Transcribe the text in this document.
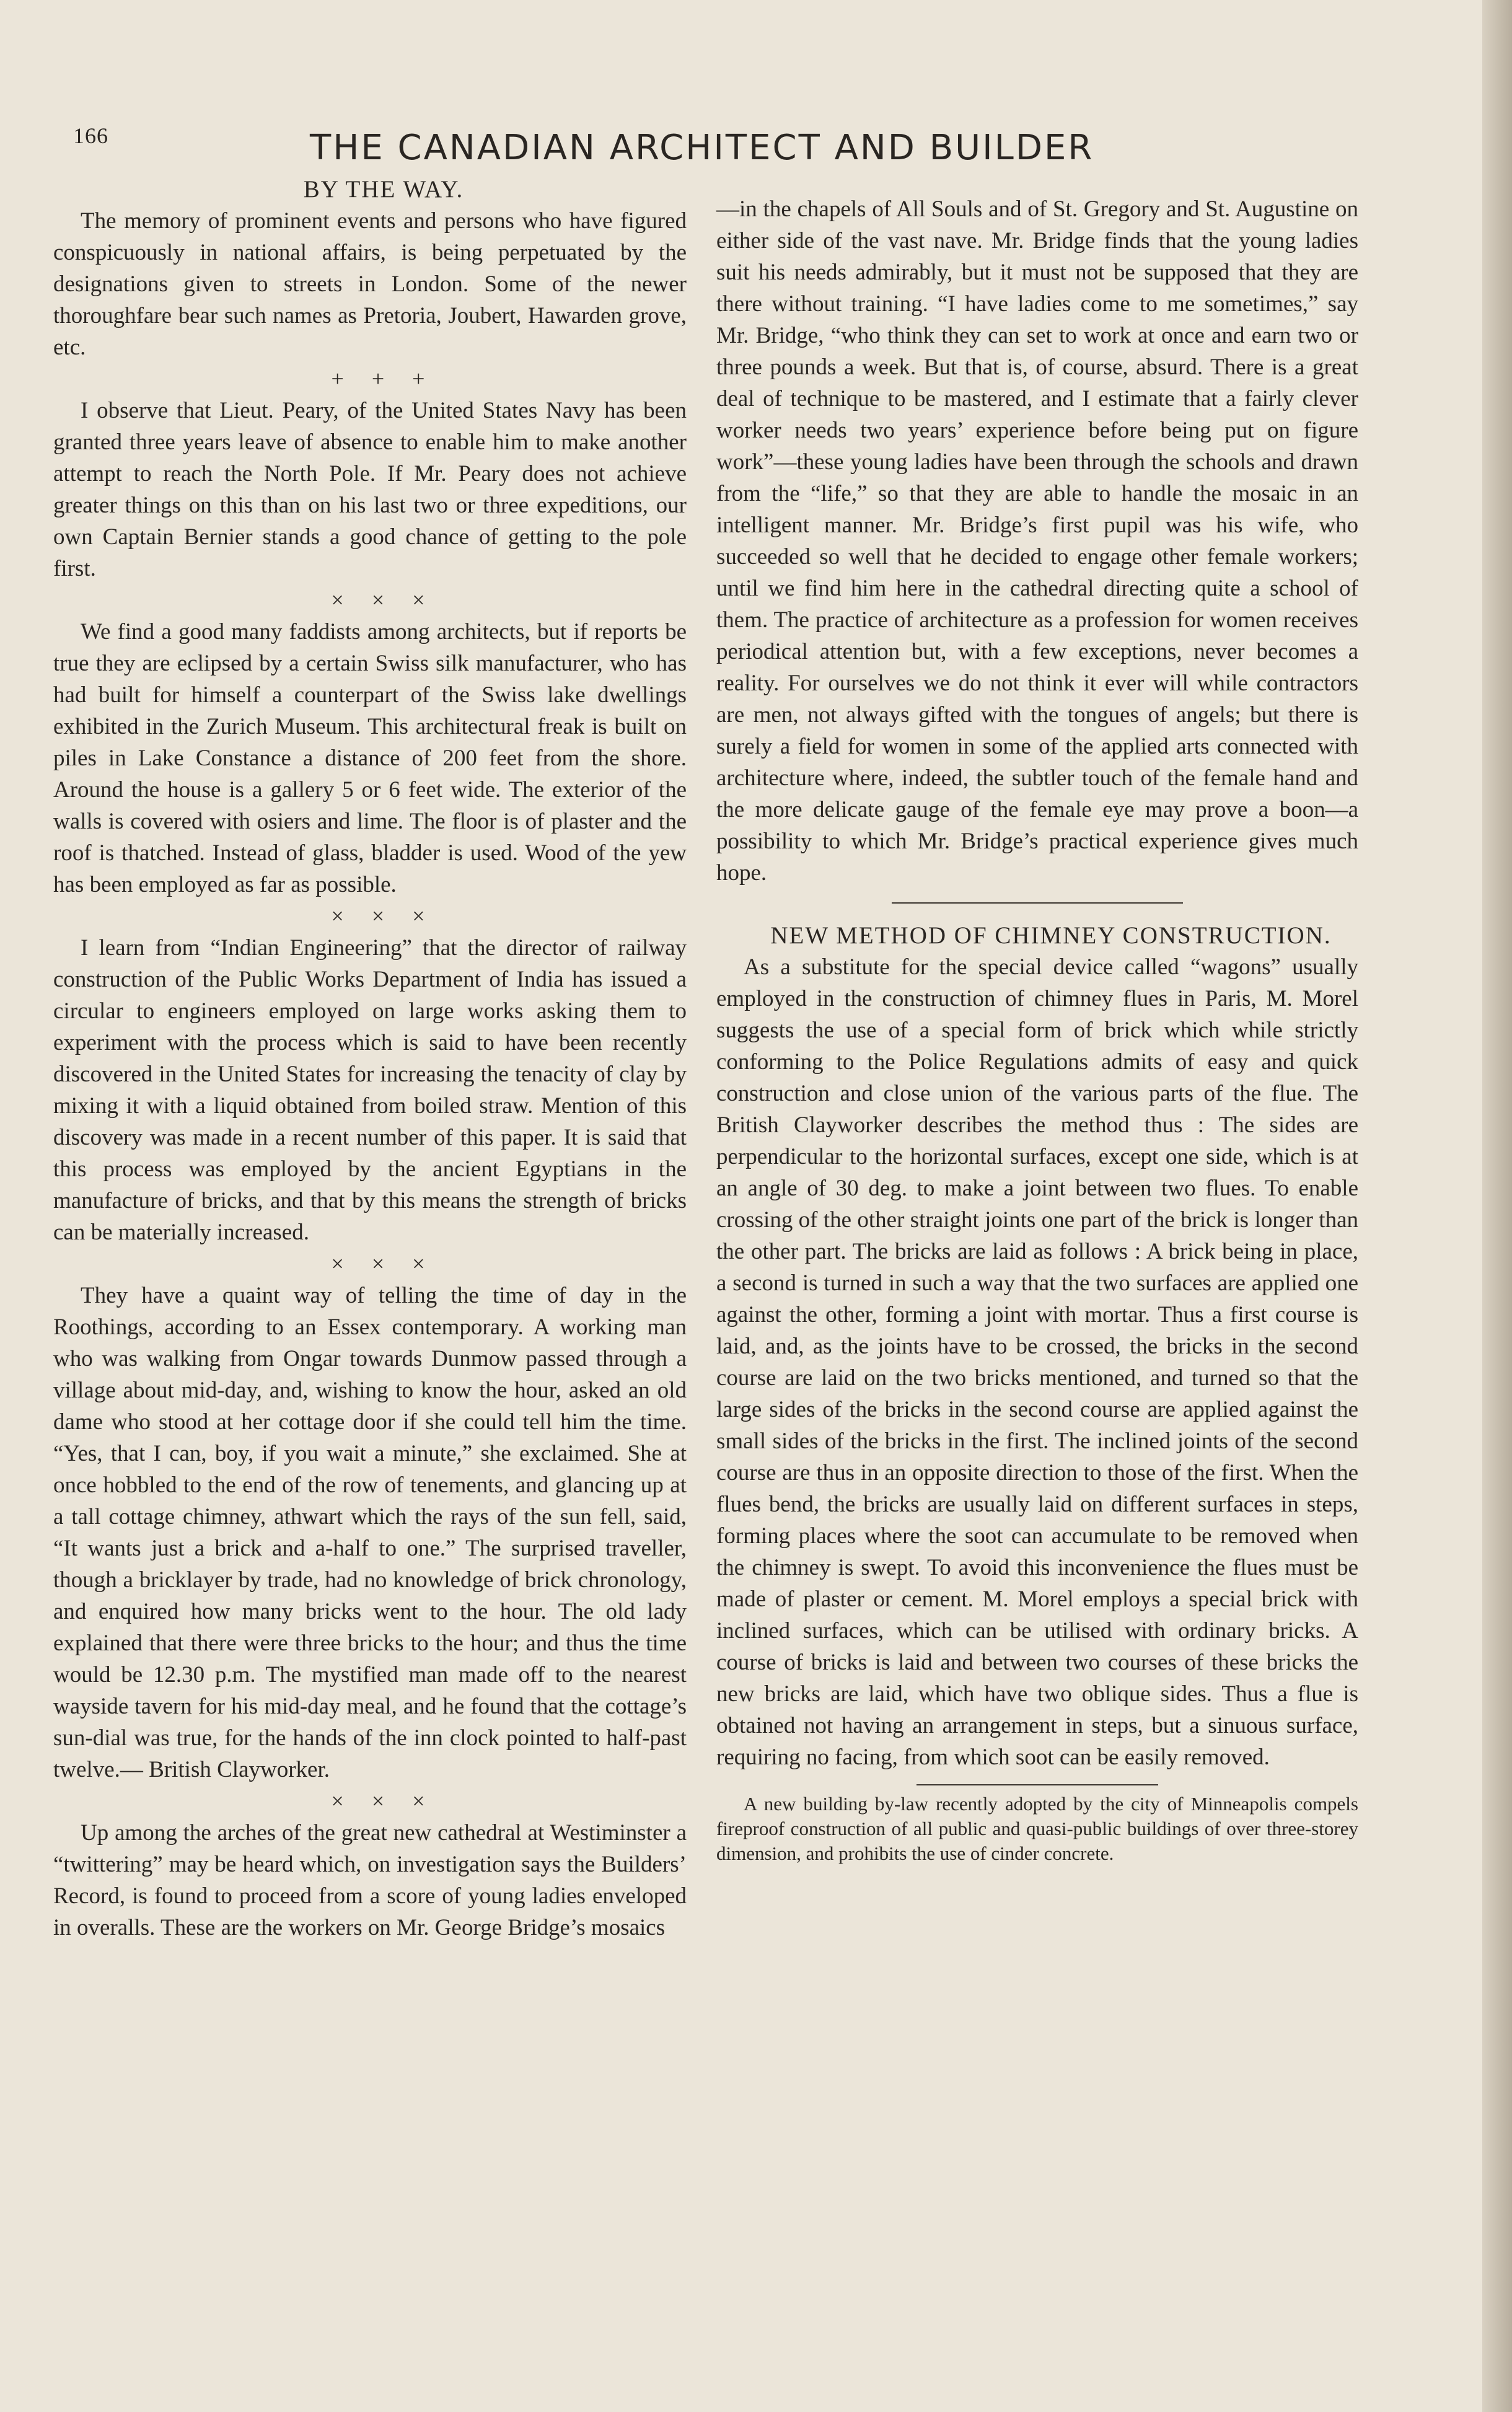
166	THE CANADIAN ARCHITECT AND BUILDER

BY THE WAY.

The memory of prominent events and persons who have figured conspicuously in national affairs, is being perpetuated by the designations given to streets in London. Some of the newer thoroughfare bear such names as Pretoria, Joubert, Hawarden grove, etc.

+ + +

I observe that Lieut. Peary, of the United States Navy has been granted three years leave of absence to enable him to make another attempt to reach the North Pole. If Mr. Peary does not achieve greater things on this than on his last two or three expeditions, our own Captain Bernier stands a good chance of getting to the pole first.

× × ×

We find a good many faddists among architects, but if reports be true they are eclipsed by a certain Swiss silk manufacturer, who has had built for himself a counterpart of the Swiss lake dwellings exhibited in the Zurich Museum. This architectural freak is built on piles in Lake Constance a distance of 200 feet from the shore. Around the house is a gallery 5 or 6 feet wide. The exterior of the walls is covered with osiers and lime. The floor is of plaster and the roof is thatched. Instead of glass, bladder is used. Wood of the yew has been employed as far as possible.

× × ×

I learn from “Indian Engineering” that the director of railway construction of the Public Works Department of India has issued a circular to engineers employed on large works asking them to experiment with the process which is said to have been recently discovered in the United States for increasing the tenacity of clay by mixing it with a liquid obtained from boiled straw. Mention of this discovery was made in a recent number of this paper. It is said that this process was employed by the ancient Egyptians in the manufacture of bricks, and that by this means the strength of bricks can be materially increased.

× × ×

They have a quaint way of telling the time of day in the Roothings, according to an Essex contemporary. A working man who was walking from Ongar towards Dunmow passed through a village about mid-day, and, wishing to know the hour, asked an old dame who stood at her cottage door if she could tell him the time. “Yes, that I can, boy, if you wait a minute,” she exclaimed. She at once hobbled to the end of the row of tenements, and glancing up at a tall cottage chimney, athwart which the rays of the sun fell, said, “It wants just a brick and a-half to one.” The surprised traveller, though a bricklayer by trade, had no knowledge of brick chronology, and enquired how many bricks went to the hour. The old lady explained that there were three bricks to the hour; and thus the time would be 12.30 p.m. The mystified man made off to the nearest wayside tavern for his mid-day meal, and he found that the cottage’s sun-dial was true, for the hands of the inn clock pointed to half-past twelve.— British Clayworker.

× × ×

Up among the arches of the great new cathedral at Westiminster a “twittering” may be heard which, on investigation says the Builders’ Record, is found to proceed from a score of young ladies enveloped in overalls. These are the workers on Mr. George Bridge’s mosaics

—in the chapels of All Souls and of St. Gregory and St. Augustine on either side of the vast nave. Mr. Bridge finds that the young ladies suit his needs admirably, but it must not be supposed that they are there without training. “I have ladies come to me sometimes,” say Mr. Bridge, “who think they can set to work at once and earn two or three pounds a week. But that is, of course, absurd. There is a great deal of technique to be mastered, and I estimate that a fairly clever worker needs two years’ experience before being put on figure work”—these young ladies have been through the schools and drawn from the “life,” so that they are able to handle the mosaic in an intelligent manner. Mr. Bridge’s first pupil was his wife, who succeeded so well that he decided to engage other female workers; until we find him here in the cathedral directing quite a school of them. The practice of architecture as a profession for women receives periodical attention but, with a few exceptions, never becomes a reality. For ourselves we do not think it ever will while contractors are men, not always gifted with the tongues of angels; but there is surely a field for women in some of the applied arts connected with architecture where, indeed, the subtler touch of the female hand and the more delicate gauge of the female eye may prove a boon—a possibility to which Mr. Bridge’s practical experience gives much hope.

NEW METHOD OF CHIMNEY CONSTRUCTION.

As a substitute for the special device called “wagons” usually employed in the construction of chimney flues in Paris, M. Morel suggests the use of a special form of brick which while strictly conforming to the Police Regulations admits of easy and quick construction and close union of the various parts of the flue. The British Clayworker describes the method thus : The sides are perpendicular to the horizontal surfaces, except one side, which is at an angle of 30 deg. to make a joint between two flues. To enable crossing of the other straight joints one part of the brick is longer than the other part. The bricks are laid as follows : A brick being in place, a second is turned in such a way that the two surfaces are applied one against the other, forming a joint with mortar. Thus a first course is laid, and, as the joints have to be crossed, the bricks in the second course are laid on the two bricks mentioned, and turned so that the large sides of the bricks in the second course are applied against the small sides of the bricks in the first. The inclined joints of the second course are thus in an opposite direction to those of the first. When the flues bend, the bricks are usually laid on different surfaces in steps, forming places where the soot can accumulate to be removed when the chimney is swept. To avoid this inconvenience the flues must be made of plaster or cement. M. Morel employs a special brick with inclined surfaces, which can be utilised with ordinary bricks. A course of bricks is laid and between two courses of these bricks the new bricks are laid, which have two oblique sides. Thus a flue is obtained not having an arrangement in steps, but a sinuous surface, requiring no facing, from which soot can be easily removed.

A new building by-law recently adopted by the city of Minneapolis compels fireproof construction of all public and quasi-public buildings of over three-storey dimension, and prohibits the use of cinder concrete.
